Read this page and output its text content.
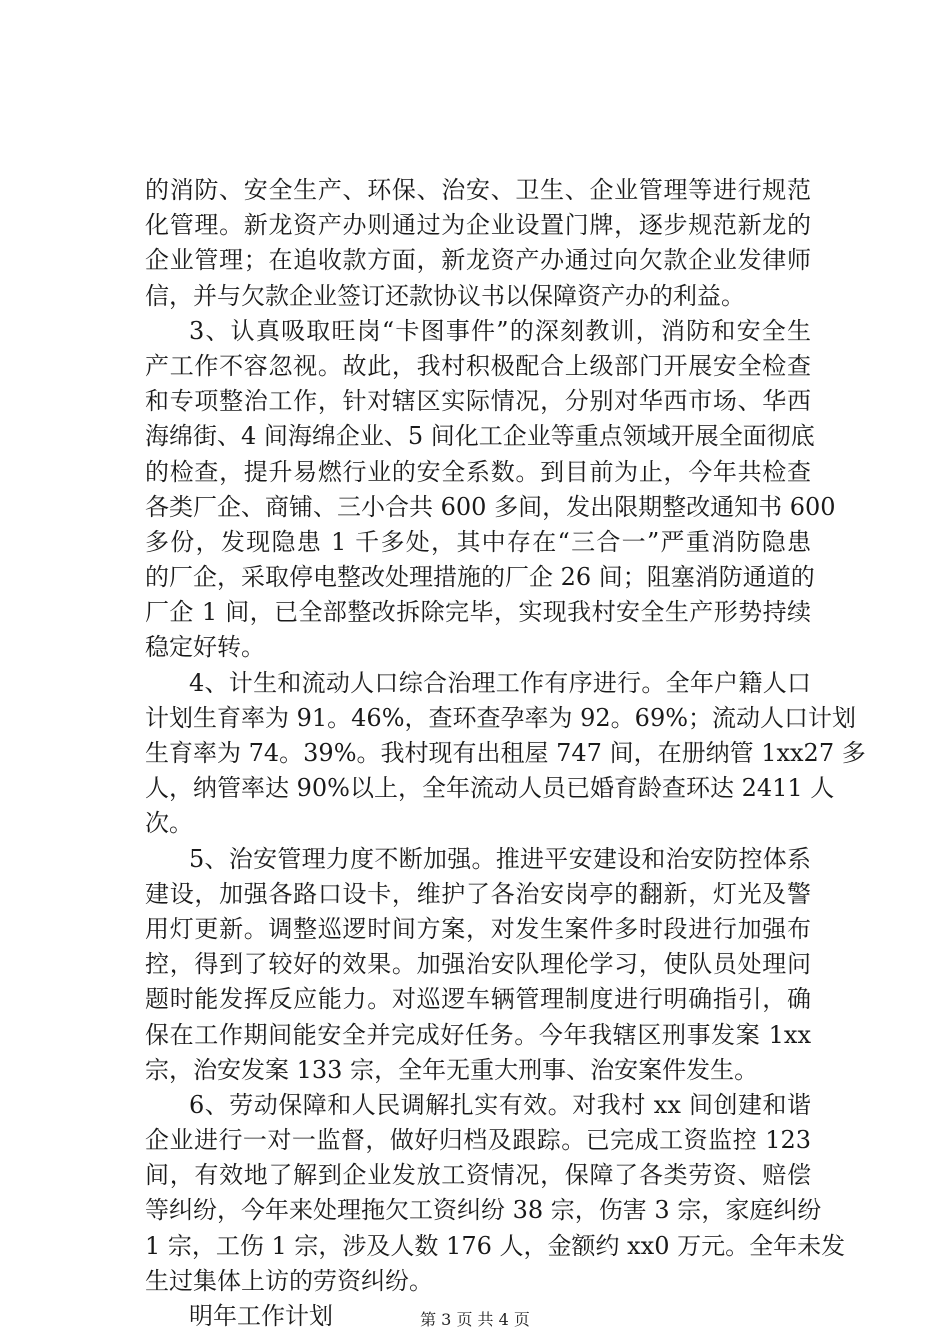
的消防、安全生产、环保、治安、卫生、企业管理等进行规范
化管理。新龙资产办则通过为企业设置门牌，逐步规范新龙的
企业管理；在追收款方面，新龙资产办通过向欠款企业发律师
信，并与欠款企业签订还款协议书以保障资产办的利益。
3、认真吸取旺岗“卡图事件”的深刻教训，消防和安全生
产工作不容忽视。故此，我村积极配合上级部门开展安全检查
和专项整治工作，针对辖区实际情况，分别对华西市场、华西
海绵街、4 间海绵企业、5 间化工企业等重点领域开展全面彻底
的检查，提升易燃行业的安全系数。到目前为止，今年共检查
各类厂企、商铺、三小合共 600 多间，发出限期整改通知书 600
多份，发现隐患 1 千多处，其中存在“三合一”严重消防隐患
的厂企，采取停电整改处理措施的厂企 26 间；阻塞消防通道的
厂企 1 间，已全部整改拆除完毕，实现我村安全生产形势持续
稳定好转。
4、计生和流动人口综合治理工作有序进行。全年户籍人口
计划生育率为 91。46%，查环查孕率为 92。69%；流动人口计划
生育率为 74。39%。我村现有出租屋 747 间，在册纳管 1xx27 多
人，纳管率达 90%以上，全年流动人员已婚育龄查环达 2411 人
次。
5、治安管理力度不断加强。推进平安建设和治安防控体系
建设，加强各路口设卡，维护了各治安岗亭的翻新，灯光及警
用灯更新。调整巡逻时间方案，对发生案件多时段进行加强布
控，得到了较好的效果。加强治安队理伦学习，使队员处理问
题时能发挥反应能力。对巡逻车辆管理制度进行明确指引，确
保在工作期间能安全并完成好任务。今年我辖区刑事发案 1xx
宗，治安发案 133 宗，全年无重大刑事、治安案件发生。
6、劳动保障和人民调解扎实有效。对我村 xx 间创建和谐
企业进行一对一监督，做好归档及跟踪。已完成工资监控 123
间，有效地了解到企业发放工资情况，保障了各类劳资、赔偿
等纠纷，今年来处理拖欠工资纠纷 38 宗，伤害 3 宗，家庭纠纷
1 宗，工伤 1 宗，涉及人数 176 人，金额约 xx0 万元。全年未发
生过集体上访的劳资纠纷。
明年工作计划	第 3 页 共 4 页
